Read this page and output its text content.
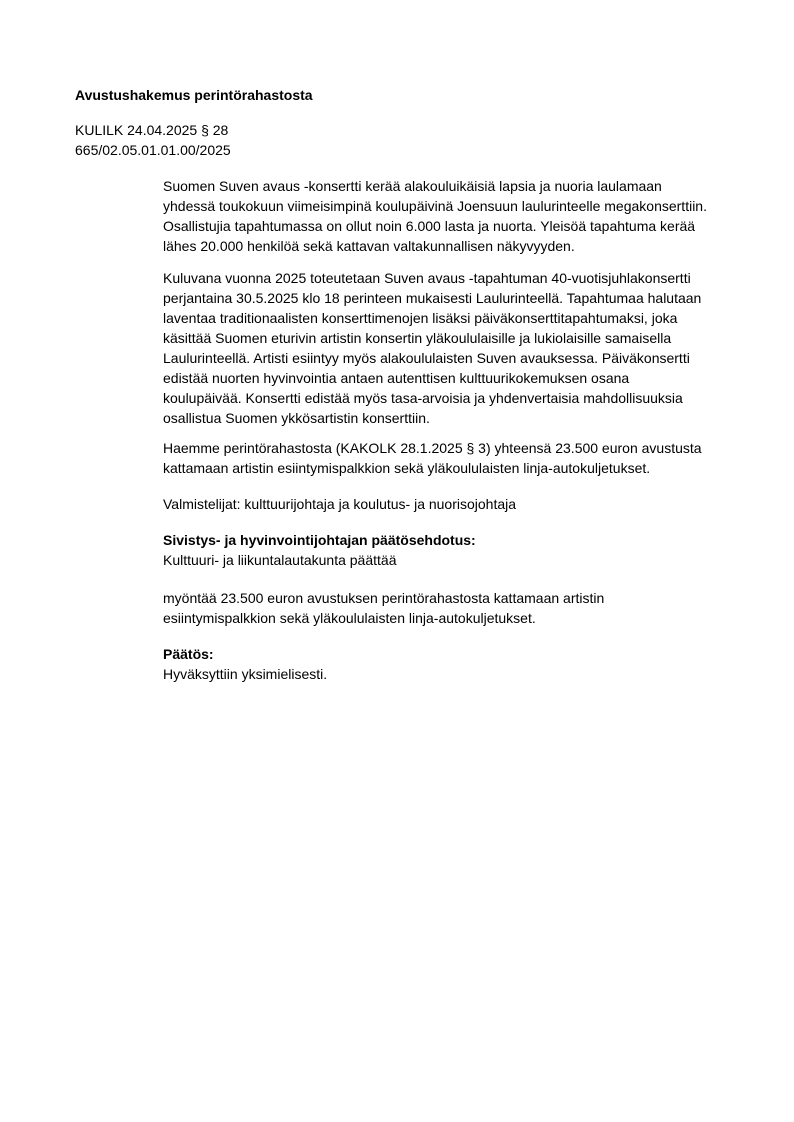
Avustushakemus perintörahastosta
KULILK 24.04.2025 § 28
665/02.05.01.01.00/2025
Suomen Suven avaus -konsertti kerää alakouluikäisiä lapsia ja nuoria laulamaan
yhdessä toukokuun viimeisimpinä koulupäivinä Joensuun laulurinteelle megakonserttiin.
Osallistujia tapahtumassa on ollut noin 6.000 lasta ja nuorta. Yleisöä tapahtuma kerää
lähes 20.000 henkilöä sekä kattavan valtakunnallisen näkyvyyden.
Kuluvana vuonna 2025 toteutetaan Suven avaus -tapahtuman 40-vuotisjuhlakonsertti
perjantaina 30.5.2025 klo 18 perinteen mukaisesti Laulurinteellä. Tapahtumaa halutaan
laventaa traditionaalisten konserttimenojen lisäksi päiväkonserttitapahtumaksi, joka
käsittää Suomen eturivin artistin konsertin yläkoululaisille ja lukiolaisille samaisella
Laulurinteellä. Artisti esiintyy myös alakoululaisten Suven avauksessa. Päiväkonsertti
edistää nuorten hyvinvointia antaen autenttisen kulttuurikokemuksen osana
koulupäivää. Konsertti edistää myös tasa-arvoisia ja yhdenvertaisia mahdollisuuksia
osallistua Suomen ykkösartistin konserttiin.
Haemme perintörahastosta (KAKOLK 28.1.2025 § 3) yhteensä 23.500 euron avustusta
kattamaan artistin esiintymispalkkion sekä yläkoululaisten linja-autokuljetukset.
Valmistelijat: kulttuurijohtaja ja koulutus- ja nuorisojohtaja
Sivistys- ja hyvinvointijohtajan päätösehdotus:
Kulttuuri- ja liikuntalautakunta päättää
myöntää 23.500 euron avustuksen perintörahastosta kattamaan artistin
esiintymispalkkion sekä yläkoululaisten linja-autokuljetukset.
Päätös:
Hyväksyttiin yksimielisesti.
